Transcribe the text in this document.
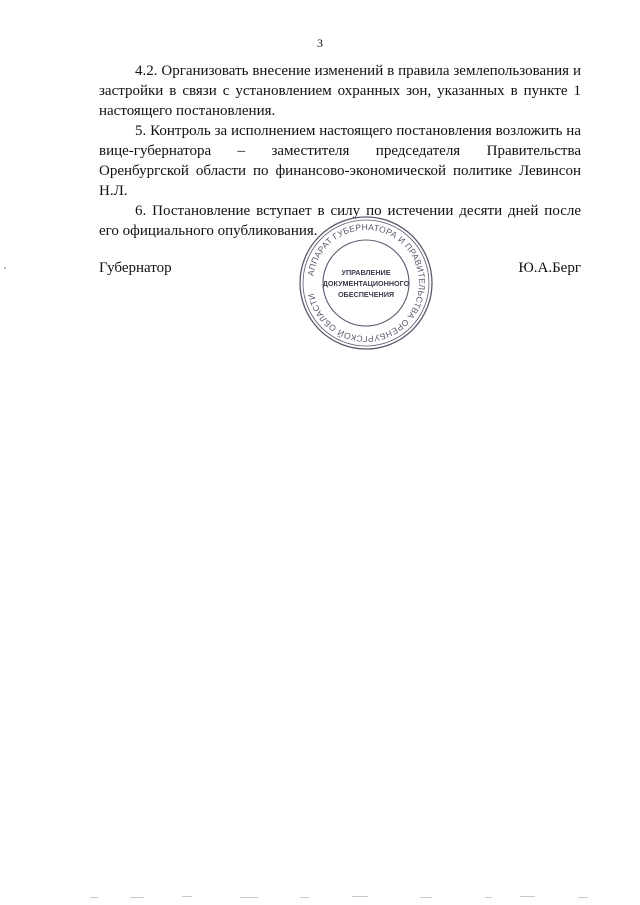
3

4.2. Организовать внесение изменений в правила землепользования и застройки в связи с установлением охранных зон, указанных в пункте 1 настоящего постановления.

5. Контроль за исполнением настоящего постановления возложить на вице-губернатора – заместителя председателя Правительства Оренбургской области по финансово-экономической политике Левинсон Н.Л.

6. Постановление вступает в силу по истечении десяти дней после его официального опубликования.

Губернатор	Ю.А.Берг
АППАРАТ ГУБЕРНАТОРА И ПРАВИТЕЛЬСТВА ОРЕНБУРГСКОЙ ОБЛАСТИ
УПРАВЛЕНИЕ
ДОКУМЕНТАЦИОННОГО
ОБЕСПЕЧЕНИЯ
